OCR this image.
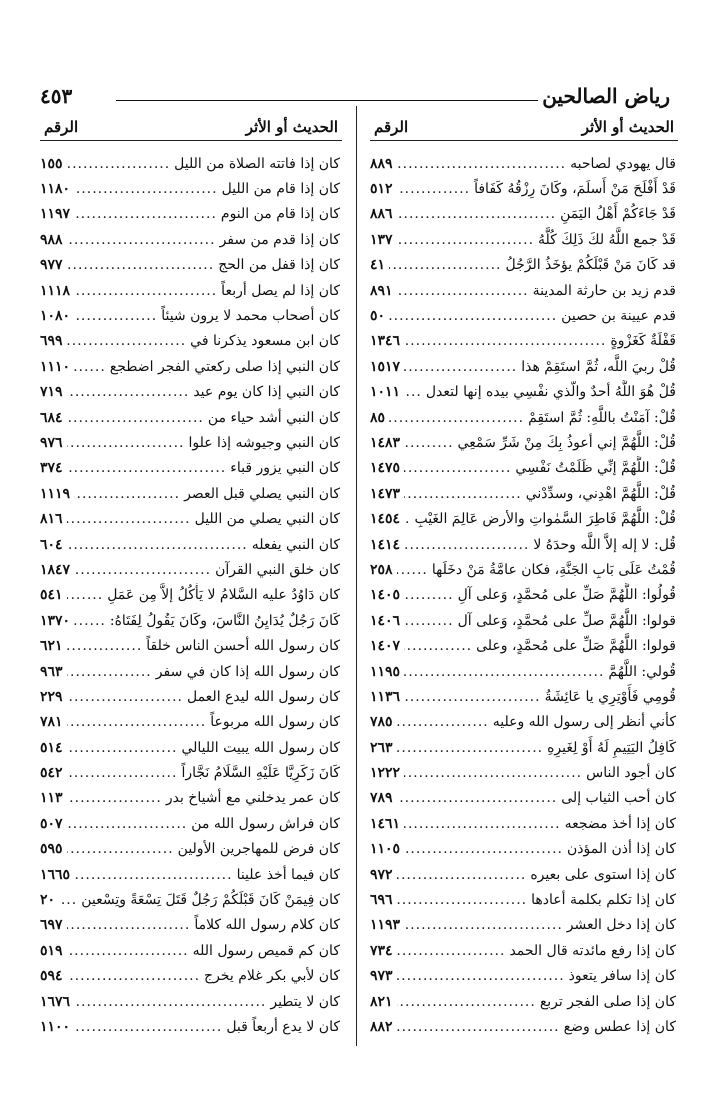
رياض الصالحين
٤٥٣
الحديث أو الأثر
الرقم
قال يهودي لصاحبه
.....
٨٨٩
قَدْ أَفْلَحَ مَنْ أَسلَمَ، وكَانَ رِزْقُهُ كَفَافاً
.....
٥١٢
قَدْ جَاءَكُمْ أَهْلُ اليَمَنِ
.....
٨٨٦
قَدْ جمع اللَّهُ لكَ ذَلِكَ كُلَّهُ
.....
١٣٧
قد كَانَ مَنْ قَبْلَكُمْ يؤخَذُ الرَّجُلُ
.....
٤١
قدم زيد بن حارثة المدينة
.....
٨٩١
قدم عيينة بن حصين
.....
٥٠
قَفْلَةٌ كَغَزْوةٍ
.....
١٣٤٦
قُلْ ربيَ اللَّه، ثُمَّ استَقِمْ هذا
.....
١٥١٧
قُلْ هُوَ اللَّهُ أحدٌ والّذي نفْسِي بيده إنها لتعدل
.....
١٠١١
قُلْ: آمَنْتُ باللَّهِ: ثُمَّ استَقِمْ
.....
٨٥
قُلْ: اللَّهُمَّ إني أعوذُ بِكَ مِنْ شَرِّ سَمْعِي
.....
١٤٨٣
قُلْ: اللَّهُمَّ إنِّي ظَلَمْتُ نَفْسِي
.....
١٤٧٥
قُلْ: اللَّهُمَّ اهْدِني، وسدِّدْني
.....
١٤٧٣
قُلْ: اللَّهُمَّ فَاطِرَ السَّمٰواتِ والأرض عَالِمَ الغَيْبِ
.....
١٤٥٤
قُل: لا إله إلاَّ اللَّه وحدَهُ لا
.....
١٤١٤
قُمْتُ عَلَى بَابِ الجَنَّةِ، فكان عامَّةُ مَنْ دخَلَها
.....
٢٥٨
قُولُوا: اللَّهُمَّ صَلِّ على مُحمَّدٍ، وَعلى آلِ
.....
١٤٠٥
قولوا: اللَّهُمَّ صلِّ على مُحمَّدٍ، وَعلى آل
.....
١٤٠٦
قولوا: اللَّهُمَّ صَلِّ على مُحمَّدٍ، وعلى
.....
١٤٠٧
قُولي: اللَّهُمَّ
.....
١١٩٥
قُومِي فَأَوْتِرِي يا عَائِشَةُ
.....
١١٣٦
كأني أنظر إلى رسول الله وعليه
.....
٧٨٥
كَافِلُ اليَتِيمِ لَهُ أَوْ لِغَيرِهِ
.....
٢٦٣
كان أجود الناس
.....
١٢٢٢
كان أحب الثياب إلى
.....
٧٨٩
كان إذا أخذ مضجعه
.....
١٤٦١
كان إذا أذن المؤذن
.....
١١٠٥
كان إذا استوى على بعيره
.....
٩٧٢
كان إذا تكلم بكلمة أعادها
.....
٦٩٦
كان إذا دخل العشر
.....
١١٩٣
كان إذا رفع مائدته قال الحمد
.....
٧٣٤
كان إذا سافر يتعوذ
.....
٩٧٣
كان إذا صلى الفجر تربع
.....
٨٢١
كان إذا عطس وضع
.....
٨٨٢
الحديث أو الأثر
الرقم
كان إذا فاتته الصلاة من الليل
.....
١٥٥
كان إذا قام من الليل
.....
١١٨٠
كان إذا قام من النوم
.....
١١٩٧
كان إذا قدم من سفر
.....
٩٨٨
كان إذا قفل من الحج
.....
٩٧٧
كان إذا لم يصل أربعاً
.....
١١١٨
كان أصحاب محمد لا يرون شيئاً
.....
١٠٨٠
كان ابن مسعود يذكرنا في
.....
٦٩٩
كان النبي إذا صلى ركعتي الفجر اضطجع
.....
١١١٠
كان النبي إذا كان يوم عيد
.....
٧١٩
كان النبي أشد حياء من
.....
٦٨٤
كان النبي وجيوشه إذا علوا
.....
٩٧٦
كان النبي يزور قباء
.....
٣٧٤
كان النبي يصلي قبل العصر
.....
١١١٩
كان النبي يصلي من الليل
.....
٨١٦
كان النبي يفعله
.....
٦٠٤
كان خلق النبي القرآن
.....
١٨٤٧
كان دَاوُدُ عليه السَّلامُ لا يَأْكُلُ إلاَّ مِن عَمَلِ
.....
٥٤١
كَانَ رَجُلٌ يُدَايِنُ النَّاسَ، وكَانَ يَقُولُ لِفَتَاهُ:
.....
١٣٧٠
كان رسول الله أحسن الناس خلقاً
.....
٦٢١
كان رسول الله إذا كان في سفر
.....
٩٦٣
كان رسول الله ليدع العمل
.....
٢٢٩
كان رسول الله مربوعاً
.....
٧٨١
كان رسول الله يبيت الليالي
.....
٥١٤
كَانَ زَكَرِيَّا عَلَيْهِ السَّلَامُ نَجَّاراً
.....
٥٤٢
كان عمر يدخلني مع أشياخ بدر
.....
١١٣
كان فراش رسول الله من
.....
٥٠٧
كان فرض للمهاجرين الأولين
.....
٥٩٥
كان فيما أخذ علينا
.....
١٦٦٥
كان فِيمَنْ كَانَ قَبْلَكُمْ رَجُلٌ قَتَلَ تِسْعَةً وتِسْعين
.....
٢٠
كان كلام رسول الله كلاماً
.....
٦٩٧
كان كم قميص رسول الله
.....
٥١٩
كان لأبي بكر غلام يخرج
.....
٥٩٤
كان لا يتطير
.....
١٦٧٦
كان لا يدع أربعاً قبل
.....
١١٠٠
